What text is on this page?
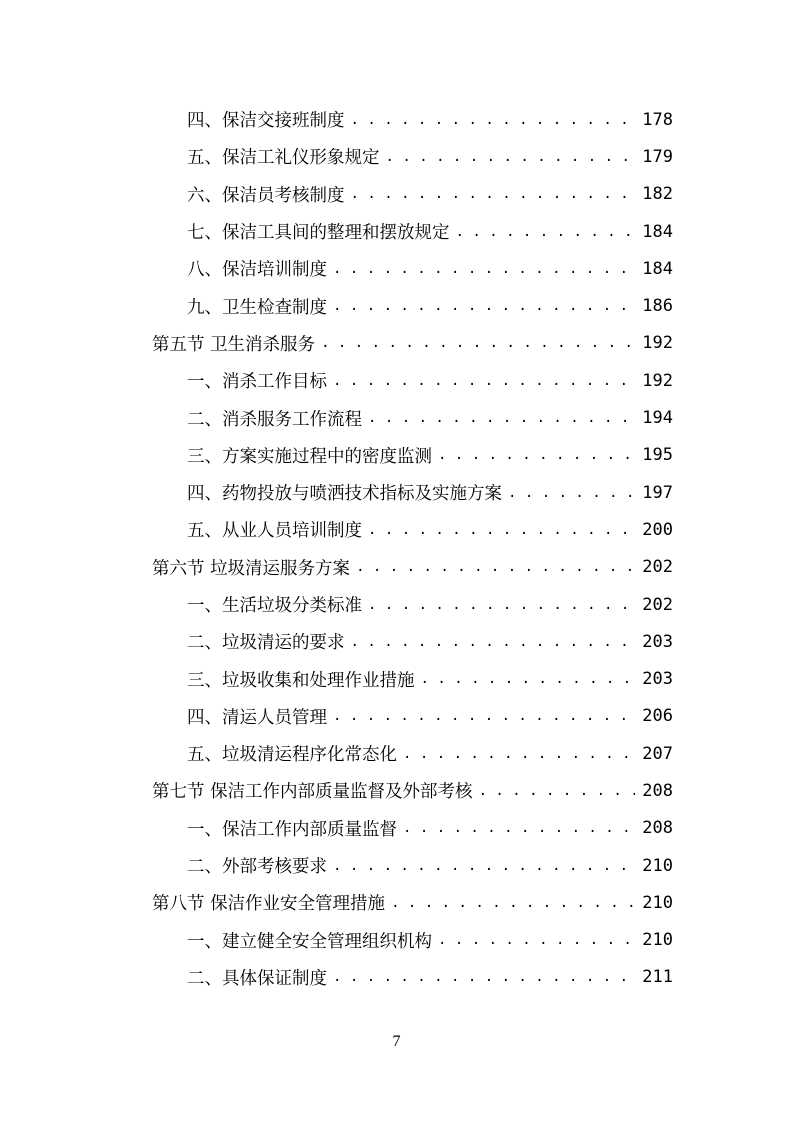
四、保洁交接班制度 . . .	178
五、保洁工礼仪形象规定 . . .	179
六、保洁员考核制度 . . .	182
七、保洁工具间的整理和摆放规定 . . .	184
八、保洁培训制度 . . .	184
九、卫生检查制度 . . .	186
第五节 卫生消杀服务 . . .	192
一、消杀工作目标 . . .	192
二、消杀服务工作流程 . . .	194
三、方案实施过程中的密度监测 . . .	195
四、药物投放与喷洒技术指标及实施方案 . . .	197
五、从业人员培训制度 . . .	200
第六节 垃圾清运服务方案 . . .	202
一、生活垃圾分类标准 . . .	202
二、垃圾清运的要求 . . .	203
三、垃圾收集和处理作业措施 . . .	203
四、清运人员管理 . . .	206
五、垃圾清运程序化常态化 . . .	207
第七节 保洁工作内部质量监督及外部考核 . . .	208
一、保洁工作内部质量监督 . . .	208
二、外部考核要求 . . .	210
第八节 保洁作业安全管理措施 . . .	210
一、建立健全安全管理组织机构 . . .	210
二、具体保证制度 . . .	211
7
